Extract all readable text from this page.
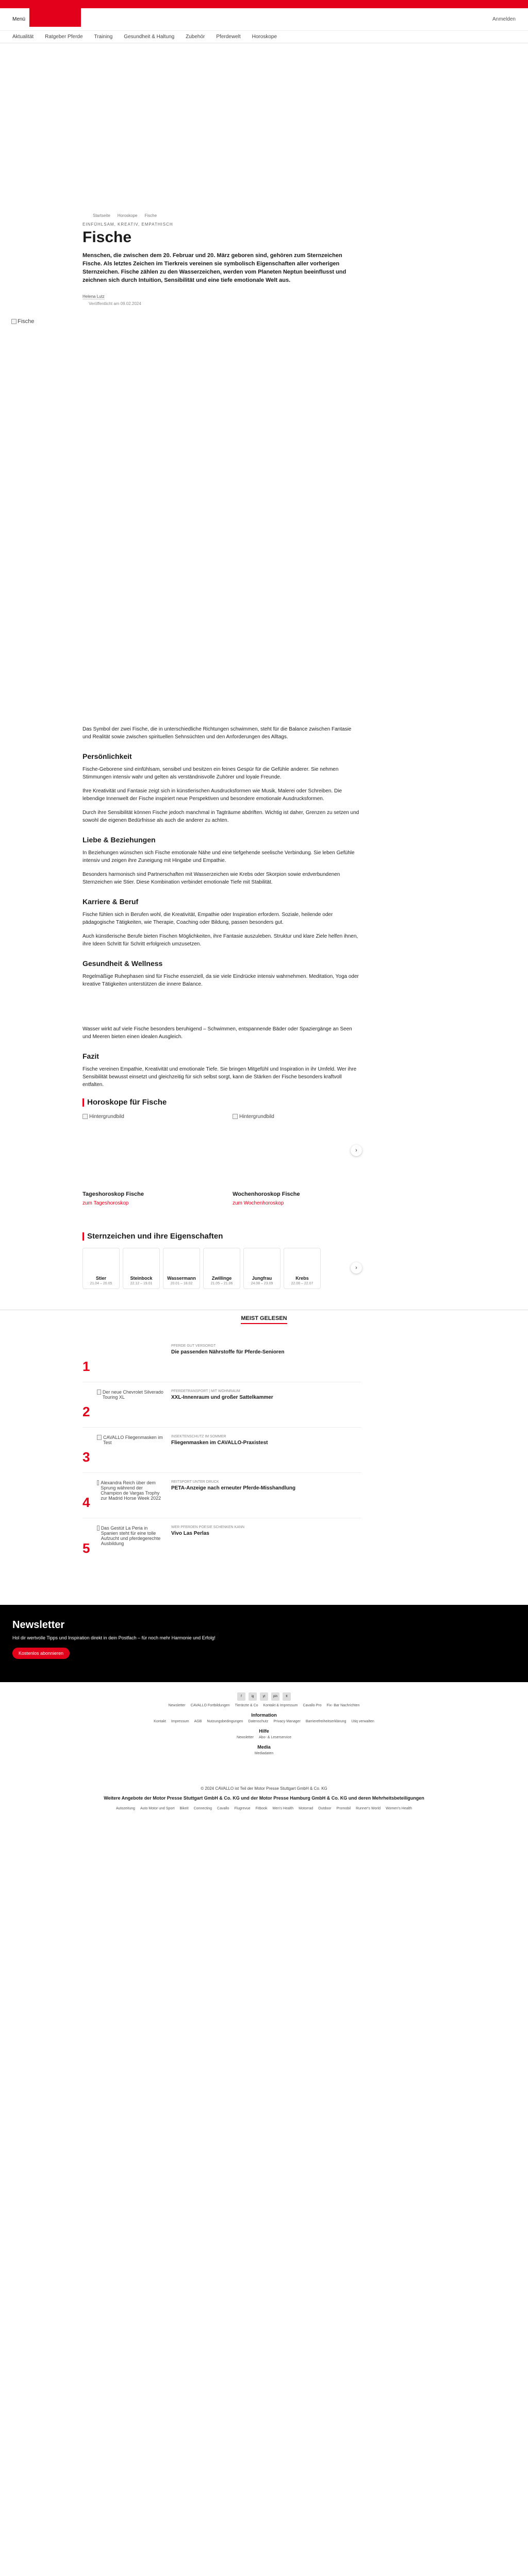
Menü	Anmelden
Aktualität Ratgeber Pferde Training Gesundheit & Haltung Zubehör Pferdewelt Horoskope
Startseite Horoskope Fische
EINFÜHLSAM, KREATIV, EMPATHISCH
Fische

Menschen, die zwischen dem 20. Februar und 20. März geboren sind, gehören zum Sternzeichen Fische. Als letztes Zeichen im Tierkreis vereinen sie symbolisch Eigenschaften aller vorherigen Sternzeichen. Fische zählen zu den Wasserzeichen, werden vom Planeten Neptun beeinflusst und zeichnen sich durch Intuition, Sensibilität und eine tiefe emotionale Welt aus.

Helena Lutz
Veröffentlicht am 09.02.2024
Fische

Das Symbol der zwei Fische, die in unterschiedliche Richtungen schwimmen, steht für die Balance zwischen Fantasie und Realität sowie zwischen spirituellen Sehnsüchten und den Anforderungen des Alltags.

Persönlichkeit

Fische-Geborene sind einfühlsam, sensibel und besitzen ein feines Gespür für die Gefühle anderer. Sie nehmen Stimmungen intensiv wahr und gelten als verständnisvolle Zuhörer und loyale Freunde.

Ihre Kreativität und Fantasie zeigt sich in künstlerischen Ausdrucksformen wie Musik, Malerei oder Schreiben. Die lebendige Innenwelt der Fische inspiriert neue Perspektiven und besondere emotionale Ausdrucksformen.

Durch ihre Sensibilität können Fische jedoch manchmal in Tagträume abdriften. Wichtig ist daher, Grenzen zu setzen und sowohl die eigenen Bedürfnisse als auch die anderer zu achten.

Liebe & Beziehungen

In Beziehungen wünschen sich Fische emotionale Nähe und eine tiefgehende seelische Verbindung. Sie leben Gefühle intensiv und zeigen ihre Zuneigung mit Hingabe und Empathie.

Besonders harmonisch sind Partnerschaften mit Wasserzeichen wie Krebs oder Skorpion sowie erdverbundenen Sternzeichen wie Stier. Diese Kombination verbindet emotionale Tiefe mit Stabilität.

Karriere & Beruf

Fische fühlen sich in Berufen wohl, die Kreativität, Empathie oder Inspiration erfordern. Soziale, heilende oder pädagogische Tätigkeiten, wie Therapie, Coaching oder Bildung, passen besonders gut.

Auch künstlerische Berufe bieten Fischen Möglichkeiten, ihre Fantasie auszuleben. Struktur und klare Ziele helfen ihnen, ihre Ideen Schritt für Schritt erfolgreich umzusetzen.

Gesundheit & Wellness

Regelmäßige Ruhephasen sind für Fische essenziell, da sie viele Eindrücke intensiv wahrnehmen. Meditation, Yoga oder kreative Tätigkeiten unterstützen die innere Balance.

Wasser wirkt auf viele Fische besonders beruhigend – Schwimmen, entspannende Bäder oder Spaziergänge an Seen und Meeren bieten einen idealen Ausgleich.

Fazit

Fische vereinen Empathie, Kreativität und emotionale Tiefe. Sie bringen Mitgefühl und Inspiration in ihr Umfeld. Wer ihre Sensibilität bewusst einsetzt und gleichzeitig für sich selbst sorgt, kann die Stärken der Fische besonders kraftvoll entfalten.

Horoskope für Fische
Hintergrundbild
Tageshoroskop Fische
zum Tageshoroskop
Hintergrundbild
Wochenhoroskop Fische
zum Wochenhoroskop
›
Sternzeichen und ihre Eigenschaften
Stier
21.04 – 20.05
Steinbock
22.12 – 19.01
Wassermann
20.01 – 18.02
Zwillinge
21.05 – 21.06
Jungfrau
24.08 – 23.09
Krebs
22.06 – 22.07
›
MEIST GELESEN
1
PFERDE GUT VERSORGT
Die passenden Nährstoffe für Pferde-Senioren
2
Der neue Chevrolet Silverado Touring XL
PFERDETRANSPORT | MIT WOHNRAUM
XXL-Innenraum und großer Sattelkammer
3
CAVALLO Fliegenmasken im Test
INSEKTENSCHUTZ IM SOMMER
Fliegenmasken im CAVALLO-Praxistest
4
Alexandra Reich über dem Sprung während der Champion de Vargas Trophy zur Madrid Horse Week 2022
REITSPORT UNTER DRUCK
PETA-Anzeige nach erneuter Pferde-Misshandlung
5
Das Gestüt La Peria in Spanien steht für eine tolle Aufzucht und pferdegerechte Ausbildung
WER PFERDEN POESIE SCHENKEN KANN
Vivo Las Perlas
Newsletter

Hol dir wertvolle Tipps und Inspiration direkt in dein Postfach – für noch mehr Harmonie und Erfolg!

Kostenlos abonnieren
f	ig	yt	pin	tt
Newsletter CAVALLO Fortbildungen Tierärzte & Co Kontakt & Impressum Cavallo Pro Fix- Bar Nachrichten
Information
Kontakt Impressum AGB Nutzungsbedingungen Datenschutz Privacy Manager Barrierefreiheitserklärung Utiq verwalten
Hilfe
Newsletter Abo- & Leserservice
Media
Mediadaten
© 2024 CAVALLO ist Teil der Motor Presse Stuttgart GmbH & Co. KG
Weitere Angebote der Motor Presse Stuttgart GmbH & Co. KG und der Motor Presse Hamburg GmbH & Co. KG und deren Mehrheitsbeteiligungen
Autozeitung Auto Motor und Sport Bikeit Connecting Cavallo Flugrevue Fitbook Men's Health Motorrad Outdoor Promobil Runner's World Women's Health
